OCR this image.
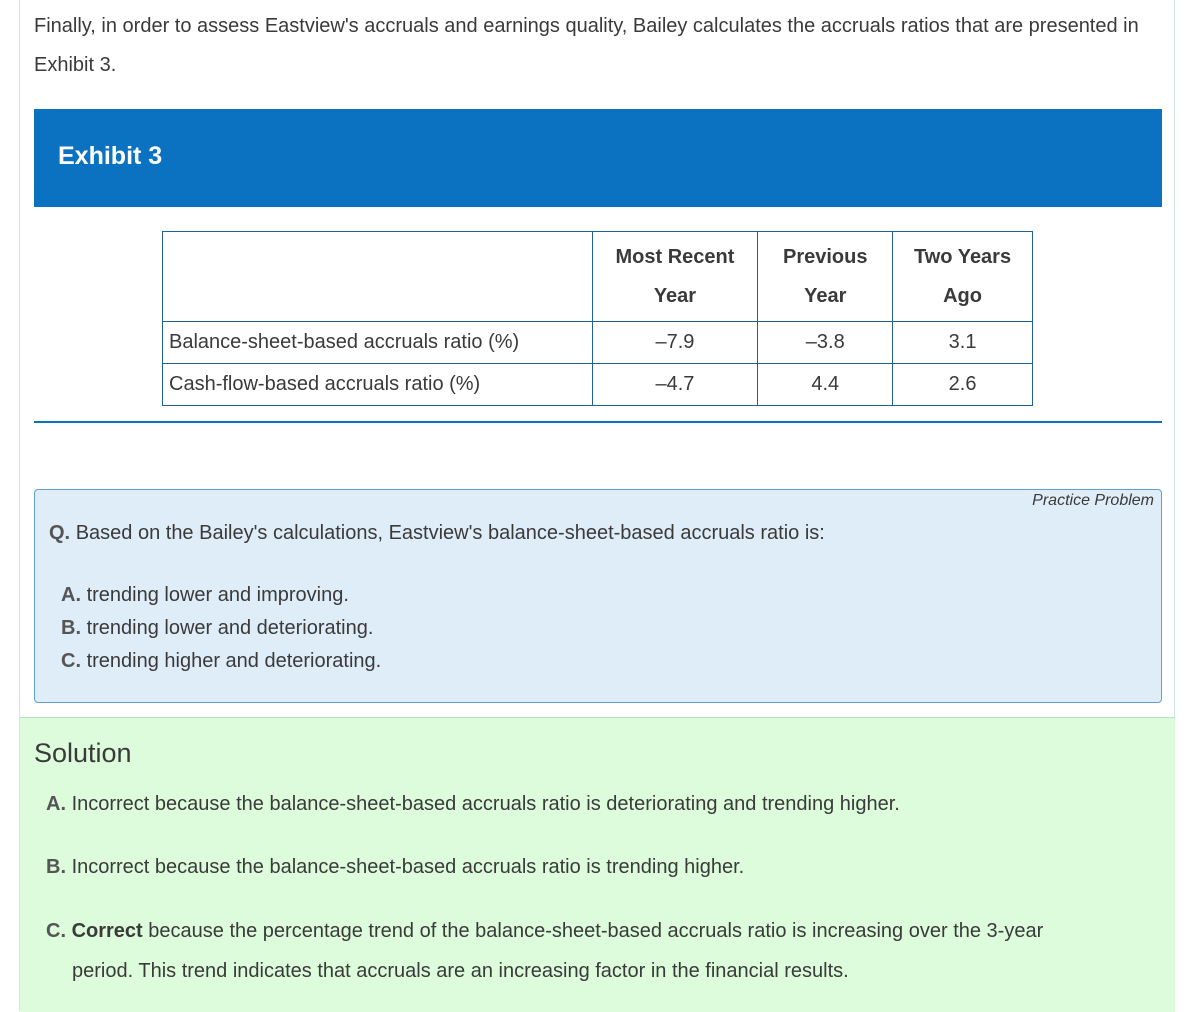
Finally, in order to assess Eastview's accruals and earnings quality, Bailey calculates the accruals ratios that are presented in Exhibit 3.

Exhibit 3
	Most Recent Year	Previous Year	Two Years Ago
Balance-sheet-based accruals ratio (%)	–7.9	–3.8	3.1
Cash-flow-based accruals ratio (%)	–4.7	4.4	2.6
Practice Problem

Q. Based on the Bailey's calculations, Eastview's balance-sheet-based accruals ratio is:

A. trending lower and improving.
B. trending lower and deteriorating.
C. trending higher and deteriorating.
Solution

A. Incorrect because the balance-sheet-based accruals ratio is deteriorating and trending higher.

B. Incorrect because the balance-sheet-based accruals ratio is trending higher.

C. Correct because the percentage trend of the balance-sheet-based accruals ratio is increasing over the 3-year
period. This trend indicates that accruals are an increasing factor in the financial results.
